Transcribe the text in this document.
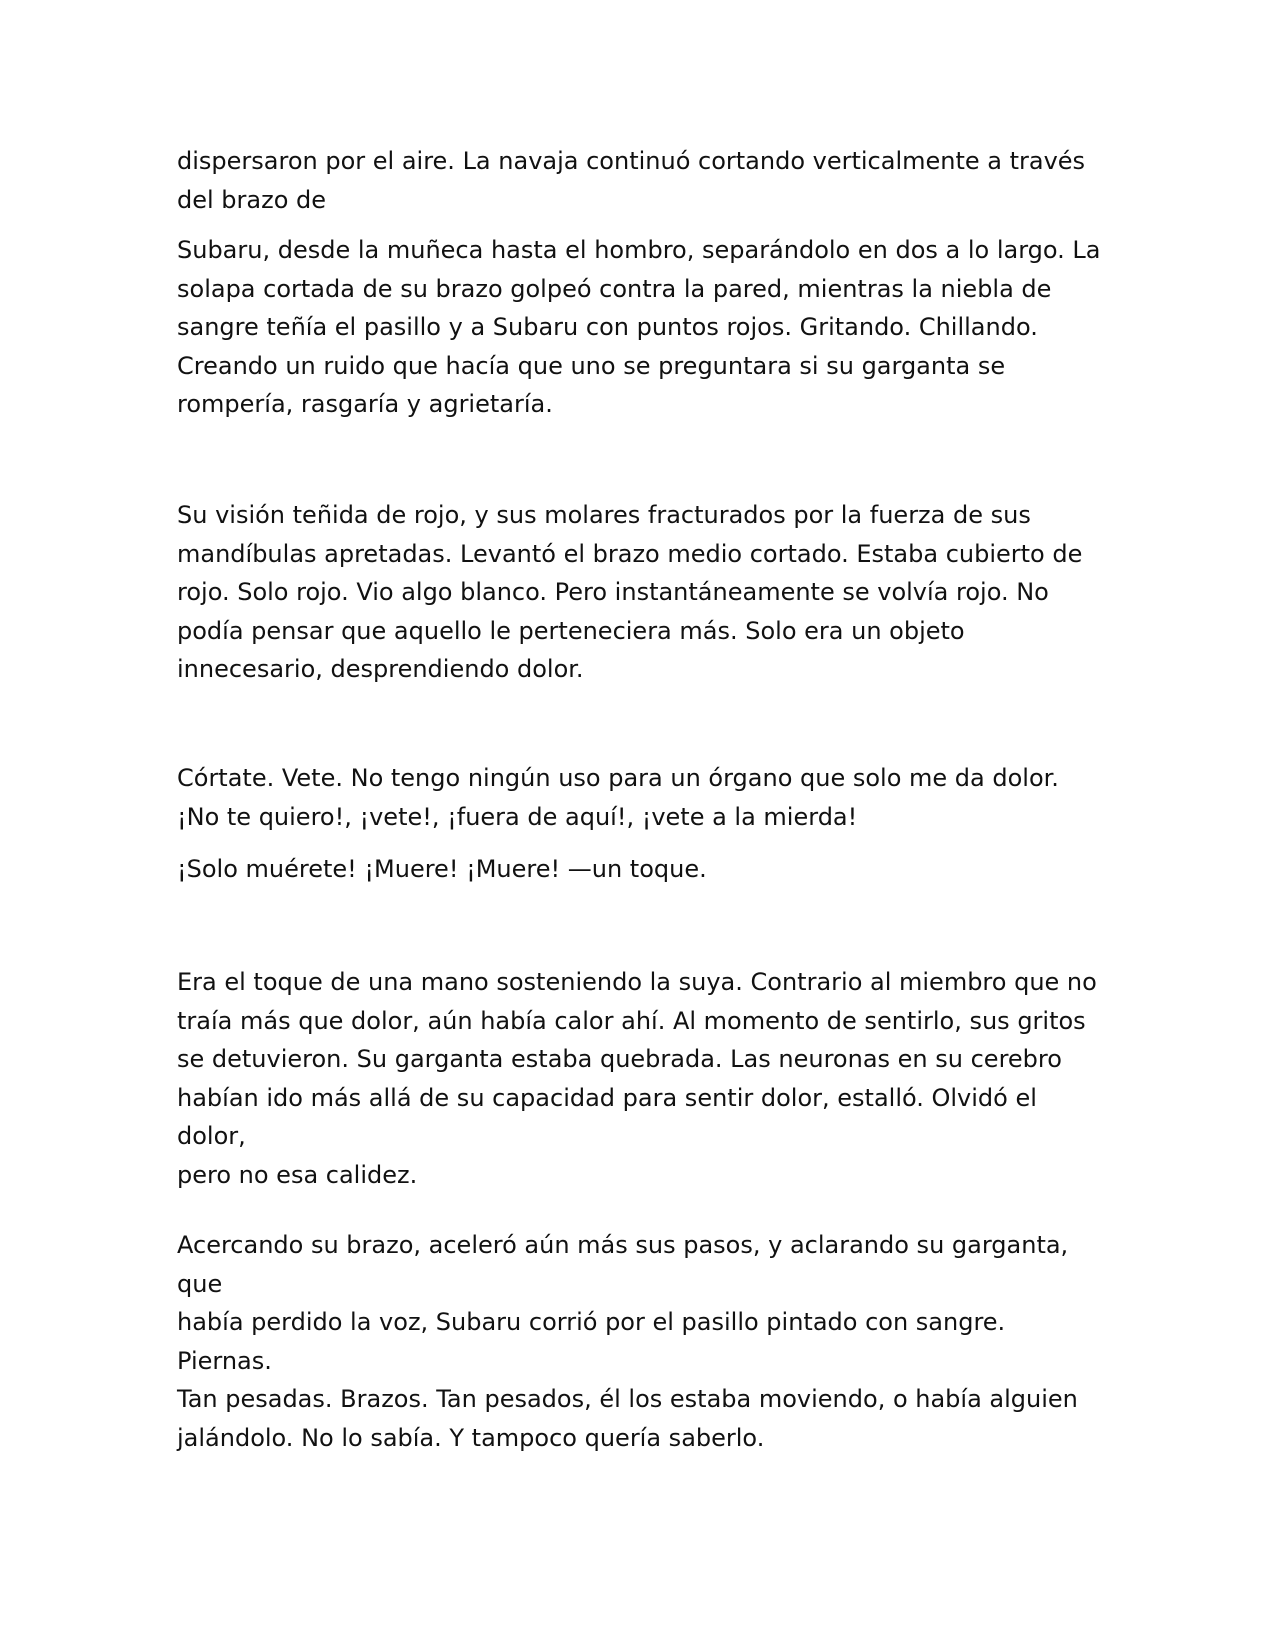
dispersaron por el aire. La navaja continuó cortando verticalmente a través
del brazo de

Subaru, desde la muñeca hasta el hombro, separándolo en dos a lo largo. La
solapa cortada de su brazo golpeó contra la pared, mientras la niebla de
sangre teñía el pasillo y a Subaru con puntos rojos. Gritando. Chillando.
Creando un ruido que hacía que uno se preguntara si su garganta se
rompería, rasgaría y agrietaría.

Su visión teñida de rojo, y sus molares fracturados por la fuerza de sus
mandíbulas apretadas. Levantó el brazo medio cortado. Estaba cubierto de
rojo. Solo rojo. Vio algo blanco. Pero instantáneamente se volvía rojo. No
podía pensar que aquello le perteneciera más. Solo era un objeto
innecesario, desprendiendo dolor.

Córtate. Vete. No tengo ningún uso para un órgano que solo me da dolor.
¡No te quiero!, ¡vete!, ¡fuera de aquí!, ¡vete a la mierda!

¡Solo muérete! ¡Muere! ¡Muere! —un toque.

Era el toque de una mano sosteniendo la suya. Contrario al miembro que no
traía más que dolor, aún había calor ahí. Al momento de sentirlo, sus gritos
se detuvieron. Su garganta estaba quebrada. Las neuronas en su cerebro
habían ido más allá de su capacidad para sentir dolor, estalló. Olvidó el dolor,
pero no esa calidez.

Acercando su brazo, aceleró aún más sus pasos, y aclarando su garganta, que
había perdido la voz, Subaru corrió por el pasillo pintado con sangre. Piernas.
Tan pesadas. Brazos. Tan pesados, él los estaba moviendo, o había alguien
jalándolo. No lo sabía. Y tampoco quería saberlo.
